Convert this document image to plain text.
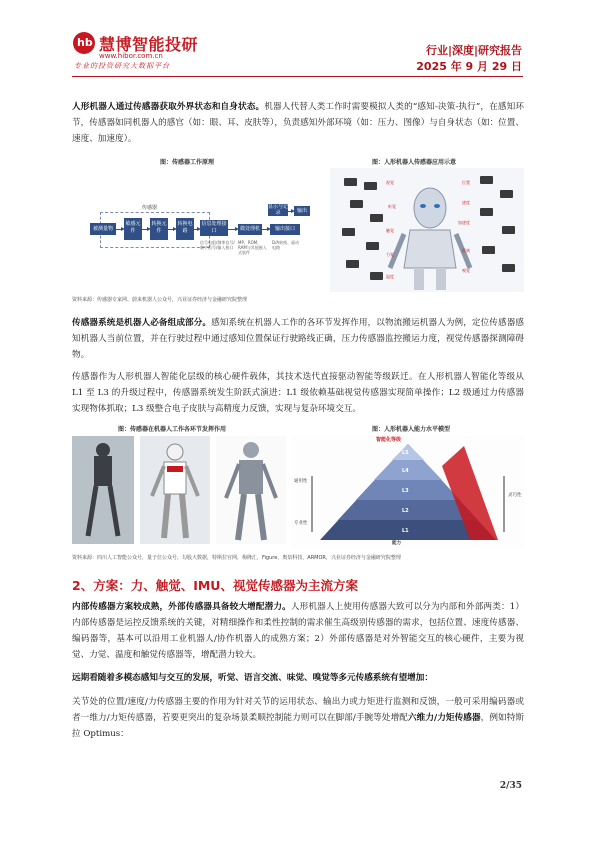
hb 慧博智能投研
www.hibor.com.cn
专业的投资研究大数据平台
行业|深度|研究报告
2025 年 9 月 29 日
人形机器人通过传感器获取外界状态和自身状态。机器人代替人类工作时需要模拟人类的“感知-决策-执行”，在感知环节，传感器如同机器人的感官（如：眼、耳、皮肤等），负责感知外部环境（如：压力、图像）与自身状态（如：位置、速度、加速度）。
图：传感器工作原理
传感器
被测量物
敏感元件
转换元件
转换电路
信息处理接口	微处理机
显示与记录	输出
输出接口
信号电阻/频率信号/数字信号/输入接口
MP、ROM、RAM与其他嵌入式软件
D/A转换、驱动电路
图：人形机器人传感器应用示意
视觉
听觉
触觉
力觉
温度
位置
速度
加速度
距离
嗅觉
资料来源：传感器专家网、蔚来机器人公众号，兴业证券经济与金融研究院整理
传感器系统是机器人必备组成部分。感知系统在机器人工作的各环节发挥作用，以物流搬运机器人为例，定位传感器感知机器人当前位置，并在行驶过程中通过感知位置保证行驶路线正确，压力传感器监控搬运力度，视觉传感器探测障碍物。
传感器作为人形机器人智能化层级的核心硬件载体，其技术迭代直接驱动智能等级跃迁。在人形机器人智能化等级从 L1 至 L3 的升级过程中，传感器系统发生阶跃式演进：L1 级依赖基础视觉传感器实现简单操作；L2 级通过力传感器实现物体抓取；L3 级整合电子皮肤与高精度力反馈，实现与复杂环境交互。
图：传感器在机器人工作各环节发挥作用	图：人形机器人能力水平模型
智能化等级
L5
L4
L3
L2
L1
通用性
专业性
灵巧性
能力
资料来源：四川人工智能公众号，量子位公众号，勾股大数据，特斯拉官网，梅隆汇，Figure，奥泉科技，ARMOR，兴业证券经济与金融研究院整理
2、方案：力、触觉、IMU、视觉传感器为主流方案
内部传感器方案较成熟，外部传感器具备较大增配潜力。人形机器人上使用传感器大致可以分为内部和外部两类：1）内部传感器是运控反馈系统的关键，对精细操作和柔性控制的需求催生高级别传感器的需求，包括位置、速度传感器、编码器等，基本可以沿用工业机器人/协作机器人的成熟方案；2）外部传感器是对外智能交互的核心硬件，主要为视觉、力觉、温度和触觉传感器等，增配潜力较大。
远期看随着多模态感知与交互的发展，听觉、语言交流、味觉、嗅觉等多元传感系统有望增加：
关节处的位置/速度/力传感器主要的作用为针对关节的运用状态、输出力或力矩进行监测和反馈，一般可采用编码器或者一维力/力矩传感器，若要更突出的复杂场景柔顺控制能力则可以在脚部/手腕等处增配六维力/力矩传感器，例如特斯拉 Optimus：
2/35
